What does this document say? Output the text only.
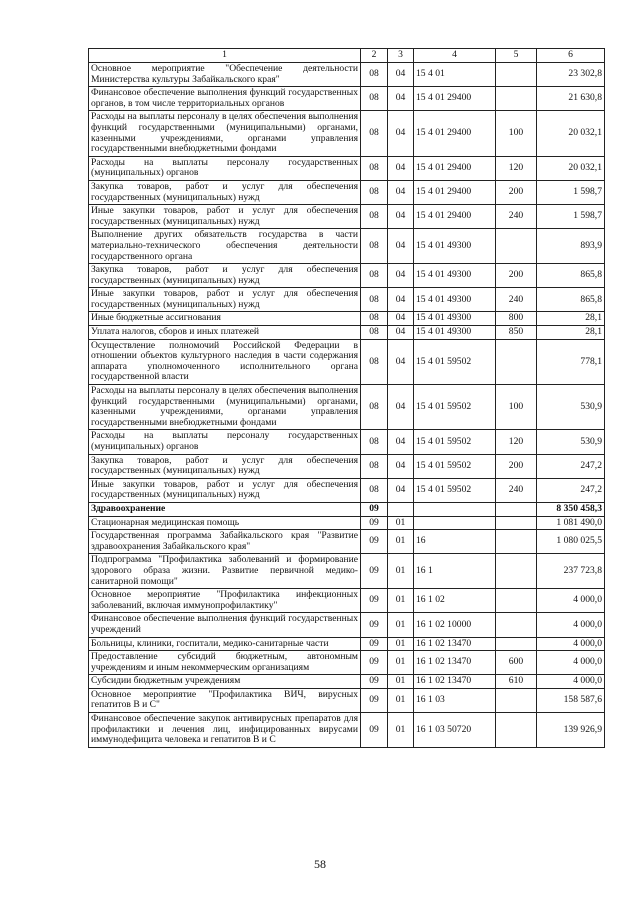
1	2	3	4	5	6
Основное мероприятие "Обеспечение деятельности Министерства культуры Забайкальского края"	08	04	15 4 01		23 302,8
Финансовое обеспечение выполнения функций государственных органов, в том числе территориальных органов	08	04	15 4 01 29400		21 630,8
Расходы на выплаты персоналу в целях обеспечения выполнения функций государственными (муниципальными) органами, казенными учреждениями, органами управления государственными внебюджетными фондами	08	04	15 4 01 29400	100	20 032,1
Расходы на выплаты персоналу государственных (муниципальных) органов	08	04	15 4 01 29400	120	20 032,1
Закупка товаров, работ и услуг для обеспечения государственных (муниципальных) нужд	08	04	15 4 01 29400	200	1 598,7
Иные закупки товаров, работ и услуг для обеспечения государственных (муниципальных) нужд	08	04	15 4 01 29400	240	1 598,7
Выполнение других обязательств государства в части материально-технического обеспечения деятельности государственного органа	08	04	15 4 01 49300		893,9
Закупка товаров, работ и услуг для обеспечения государственных (муниципальных) нужд	08	04	15 4 01 49300	200	865,8
Иные закупки товаров, работ и услуг для обеспечения государственных (муниципальных) нужд	08	04	15 4 01 49300	240	865,8
Иные бюджетные ассигнования	08	04	15 4 01 49300	800	28,1
Уплата налогов, сборов и иных платежей	08	04	15 4 01 49300	850	28,1
Осуществление полномочий Российской Федерации в отношении объектов культурного наследия в части содержания аппарата уполномоченного исполнительного органа государственной власти	08	04	15 4 01 59502		778,1
Расходы на выплаты персоналу в целях обеспечения выполнения функций государственными (муниципальными) органами, казенными учреждениями, органами управления государственными внебюджетными фондами	08	04	15 4 01 59502	100	530,9
Расходы на выплаты персоналу государственных (муниципальных) органов	08	04	15 4 01 59502	120	530,9
Закупка товаров, работ и услуг для обеспечения государственных (муниципальных) нужд	08	04	15 4 01 59502	200	247,2
Иные закупки товаров, работ и услуг для обеспечения государственных (муниципальных) нужд	08	04	15 4 01 59502	240	247,2
Здравоохранение	09				8 350 458,3
Стационарная медицинская помощь	09	01			1 081 490,0
Государственная программа Забайкальского края "Развитие здравоохранения Забайкальского края"	09	01	16		1 080 025,5
Подпрограмма "Профилактика заболеваний и формирование здорового образа жизни. Развитие первичной медико-санитарной помощи"	09	01	16 1		237 723,8
Основное мероприятие "Профилактика инфекционных заболеваний, включая иммунопрофилактику"	09	01	16 1 02		4 000,0
Финансовое обеспечение выполнения функций государственных учреждений	09	01	16 1 02 10000		4 000,0
Больницы, клиники, госпитали, медико-санитарные части	09	01	16 1 02 13470		4 000,0
Предоставление субсидий бюджетным, автономным учреждениям и иным некоммерческим организациям	09	01	16 1 02 13470	600	4 000,0
Субсидии бюджетным учреждениям	09	01	16 1 02 13470	610	4 000,0
Основное мероприятие "Профилактика ВИЧ, вирусных гепатитов В и С"	09	01	16 1 03		158 587,6
Финансовое обеспечение закупок антивирусных препаратов для профилактики и лечения лиц, инфицированных вирусами иммунодефицита человека и гепатитов В и С	09	01	16 1 03 50720		139 926,9
58
